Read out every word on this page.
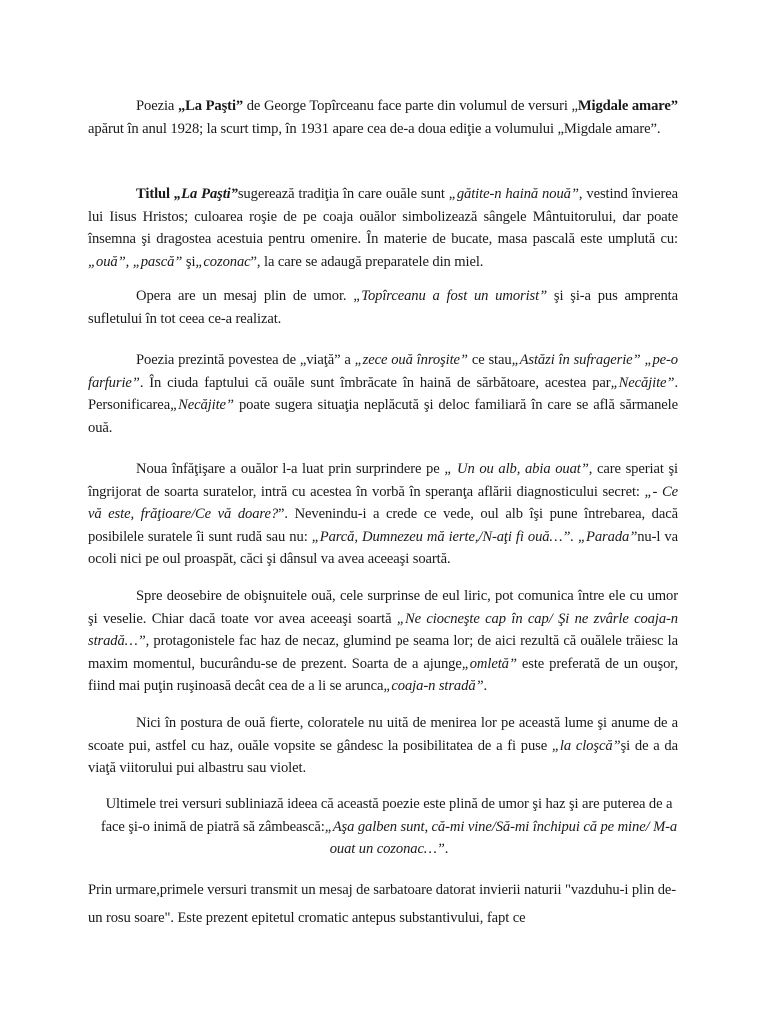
Poezia „La Paşti” de George Topîrceanu face parte din volumul de versuri „Migdale amare” apărut în anul 1928; la scurt timp, în 1931 apare cea de-a doua ediţie a volumului „Migdale amare”.

Titlul „La Paşti”sugerează tradiţia în care ouăle sunt „gătite-n haină nouă”, vestind învierea lui Iisus Hristos; culoarea roşie de pe coaja ouălor simbolizează sângele Mântuitorului, dar poate însemna şi dragostea acestuia pentru omenire. În materie de bucate, masa pascală este umplută cu: „ouă”, „pască” şi„cozonac”, la care se adaugă preparatele din miel.

Opera are un mesaj plin de umor. „Topîrceanu a fost un umorist” şi şi-a pus amprenta sufletului în tot ceea ce-a realizat.

Poezia prezintă povestea de „viaţă” a „zece ouă înroşite” ce stau„Astăzi în sufragerie” „pe-o farfurie”. În ciuda faptului că ouăle sunt îmbrăcate în haină de sărbătoare, acestea par„Necăjite”. Personificarea„Necăjite” poate sugera situaţia neplăcută şi deloc familiară în care se află sărmanele ouă.

Noua înfăţişare a ouălor l-a luat prin surprindere pe „ Un ou alb, abia ouat”, care speriat şi îngrijorat de soarta suratelor, intră cu acestea în vorbă în speranţa aflării diagnosticului secret: „- Ce vă este, frăţioare/Ce vă doare?”. Nevenindu-i a crede ce vede, oul alb îşi pune întrebarea, dacă posibilele suratele îi sunt rudă sau nu: „Parcă, Dumnezeu mă ierte,/N-aţi fi ouă…”. „Parada”nu-l va ocoli nici pe oul proaspăt, căci şi dânsul va avea aceeaşi soartă.

Spre deosebire de obişnuitele ouă, cele surprinse de eul liric, pot comunica între ele cu umor şi veselie. Chiar dacă toate vor avea aceeaşi soartă „Ne ciocneşte cap în cap/ Şi ne zvârle coaja-n stradă…”, protagonistele fac haz de necaz, glumind pe seama lor; de aici rezultă că ouălele trăiesc la maxim momentul, bucurându-se de prezent. Soarta de a ajunge„omletă” este preferată de un ouşor, fiind mai puţin ruşinoasă decât cea de a li se arunca„coaja-n stradă”.

Nici în postura de ouă fierte, coloratele nu uită de menirea lor pe această lume şi anume de a scoate pui, astfel cu haz, ouăle vopsite se gândesc la posibilitatea de a fi puse „la cloşcă”şi de a da viaţă viitorului pui albastru sau violet.

Ultimele trei versuri subliniază ideea că această poezie este plină de umor şi haz şi are puterea de a face şi-o inimă de piatră să zâmbească:„Aşa galben sunt, că-mi vine/Să-mi închipui că pe mine/ M-a ouat un cozonac…”.

Prin urmare,primele versuri transmit un mesaj de sarbatoare datorat invierii naturii "vazduhu-i plin de-un rosu soare". Este prezent epitetul cromatic antepus substantivului, fapt ce
